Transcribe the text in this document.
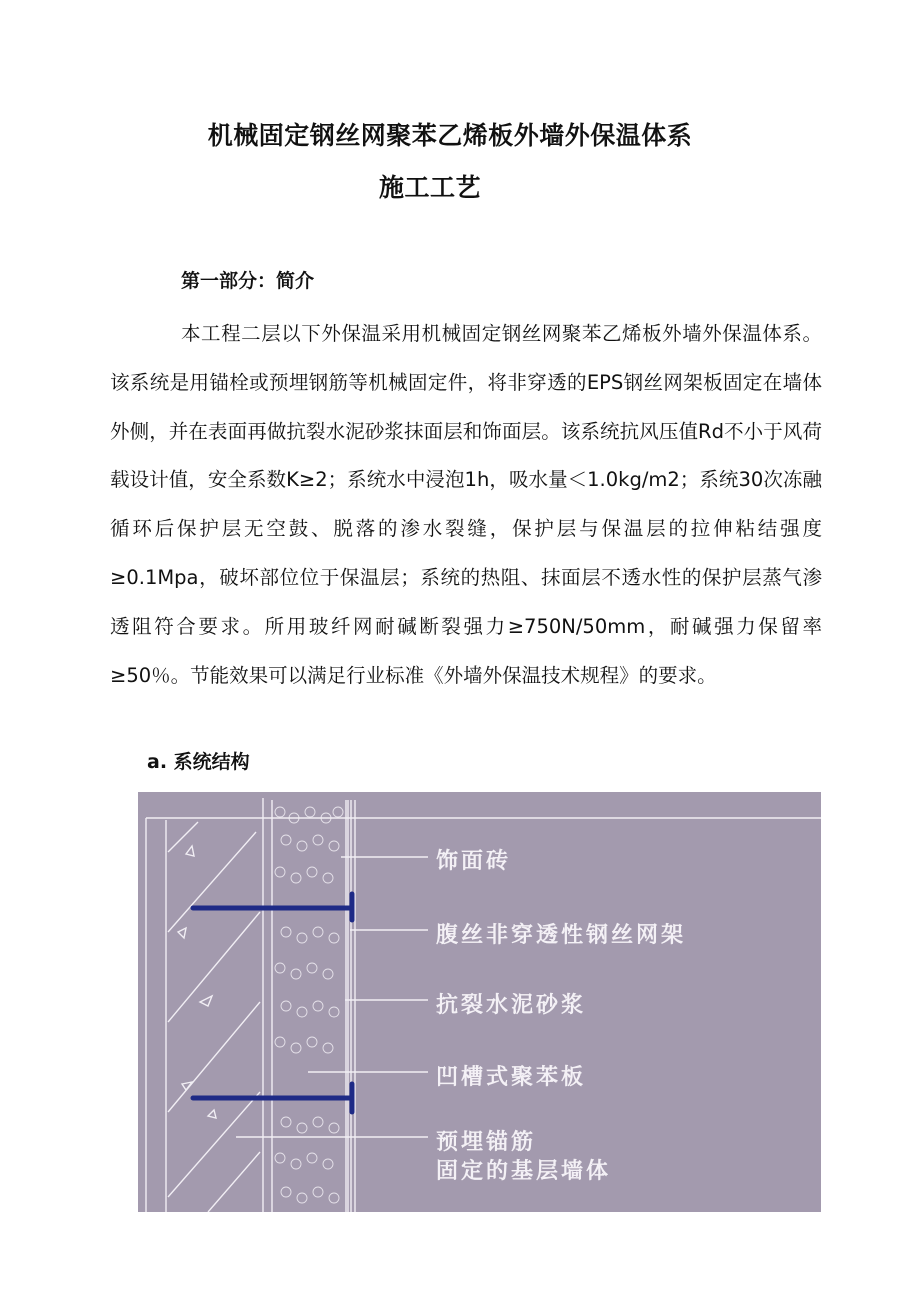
机械固定钢丝网聚苯乙烯板外墙外保温体系
施工工艺
第一部分：简介

本工程二层以下外保温采用机械固定钢丝网聚苯乙烯板外墙外保温体系。该系统是用锚栓或预埋钢筋等机械固定件，将非穿透的EPS钢丝网架板固定在墙体外侧，并在表面再做抗裂水泥砂浆抹面层和饰面层。该系统抗风压值Rd不小于风荷载设计值，安全系数K≥2；系统水中浸泡1h，吸水量＜1.0kg/m2；系统30次冻融循环后保护层无空鼓、脱落的渗水裂缝，保护层与保温层的拉伸粘结强度≥0.1Mpa，破坏部位位于保温层；系统的热阻、抹面层不透水性的保护层蒸气渗透阻符合要求。所用玻纤网耐碱断裂强力≥750N/50mm，耐碱强力保留率≥50％。节能效果可以满足行业标准《外墙外保温技术规程》的要求。

a. 系统结构
饰面砖
腹丝非穿透性钢丝网架
抗裂水泥砂浆
凹槽式聚苯板
预埋锚筋
固定的基层墙体
